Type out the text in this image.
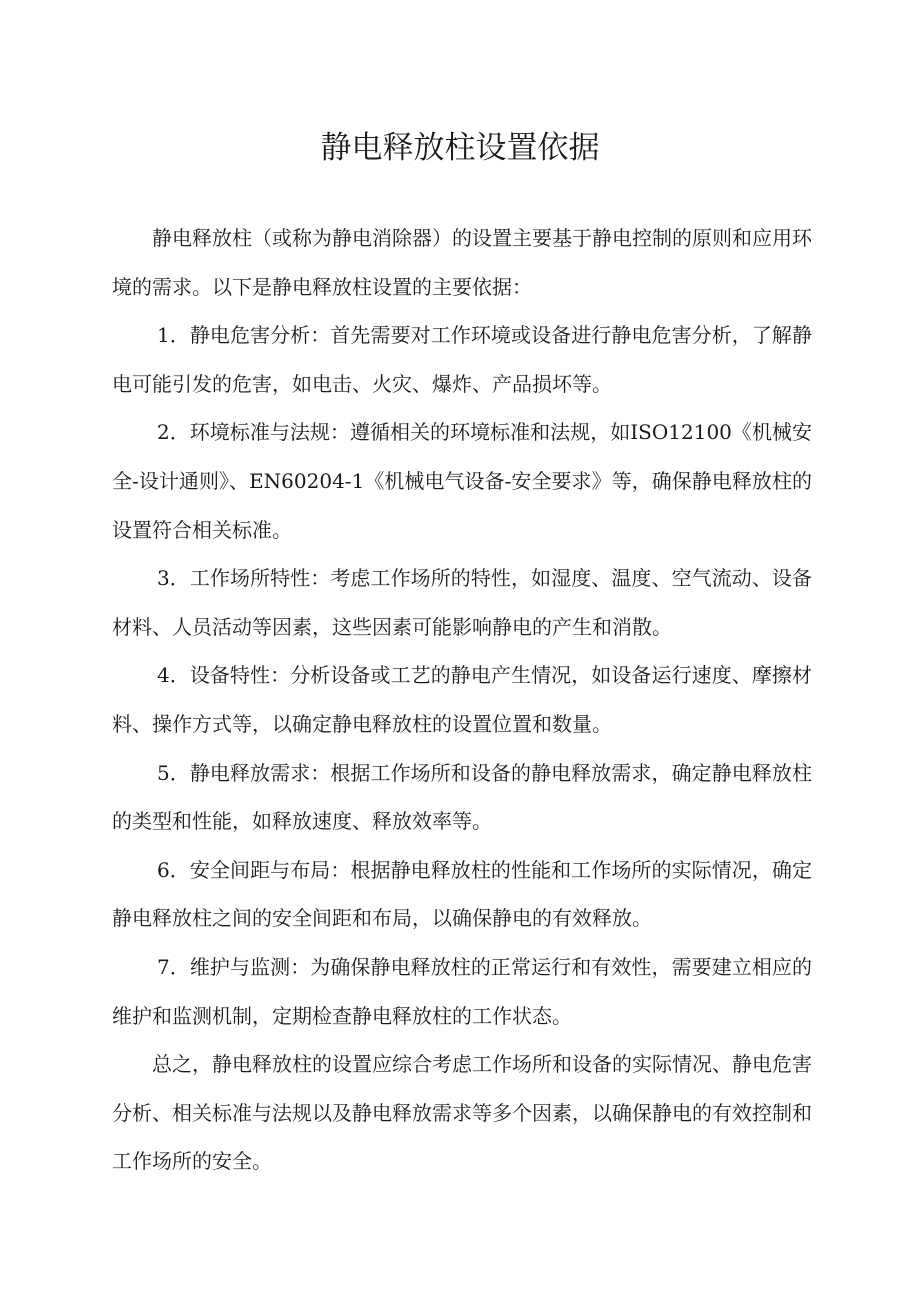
静电释放柱设置依据

静电释放柱（或称为静电消除器）的设置主要基于静电控制的原则和应用环境的需求。以下是静电释放柱设置的主要依据：

1．静电危害分析：首先需要对工作环境或设备进行静电危害分析，了解静电可能引发的危害，如电击、火灾、爆炸、产品损坏等。

2．环境标准与法规：遵循相关的环境标准和法规，如ISO12100《机械安全-设计通则》、EN60204-1《机械电气设备-安全要求》等，确保静电释放柱的设置符合相关标准。

3．工作场所特性：考虑工作场所的特性，如湿度、温度、空气流动、设备材料、人员活动等因素，这些因素可能影响静电的产生和消散。

4．设备特性：分析设备或工艺的静电产生情况，如设备运行速度、摩擦材料、操作方式等，以确定静电释放柱的设置位置和数量。

5．静电释放需求：根据工作场所和设备的静电释放需求，确定静电释放柱的类型和性能，如释放速度、释放效率等。

6．安全间距与布局：根据静电释放柱的性能和工作场所的实际情况，确定静电释放柱之间的安全间距和布局，以确保静电的有效释放。

7．维护与监测：为确保静电释放柱的正常运行和有效性，需要建立相应的维护和监测机制，定期检查静电释放柱的工作状态。

总之，静电释放柱的设置应综合考虑工作场所和设备的实际情况、静电危害分析、相关标准与法规以及静电释放需求等多个因素，以确保静电的有效控制和工作场所的安全。
